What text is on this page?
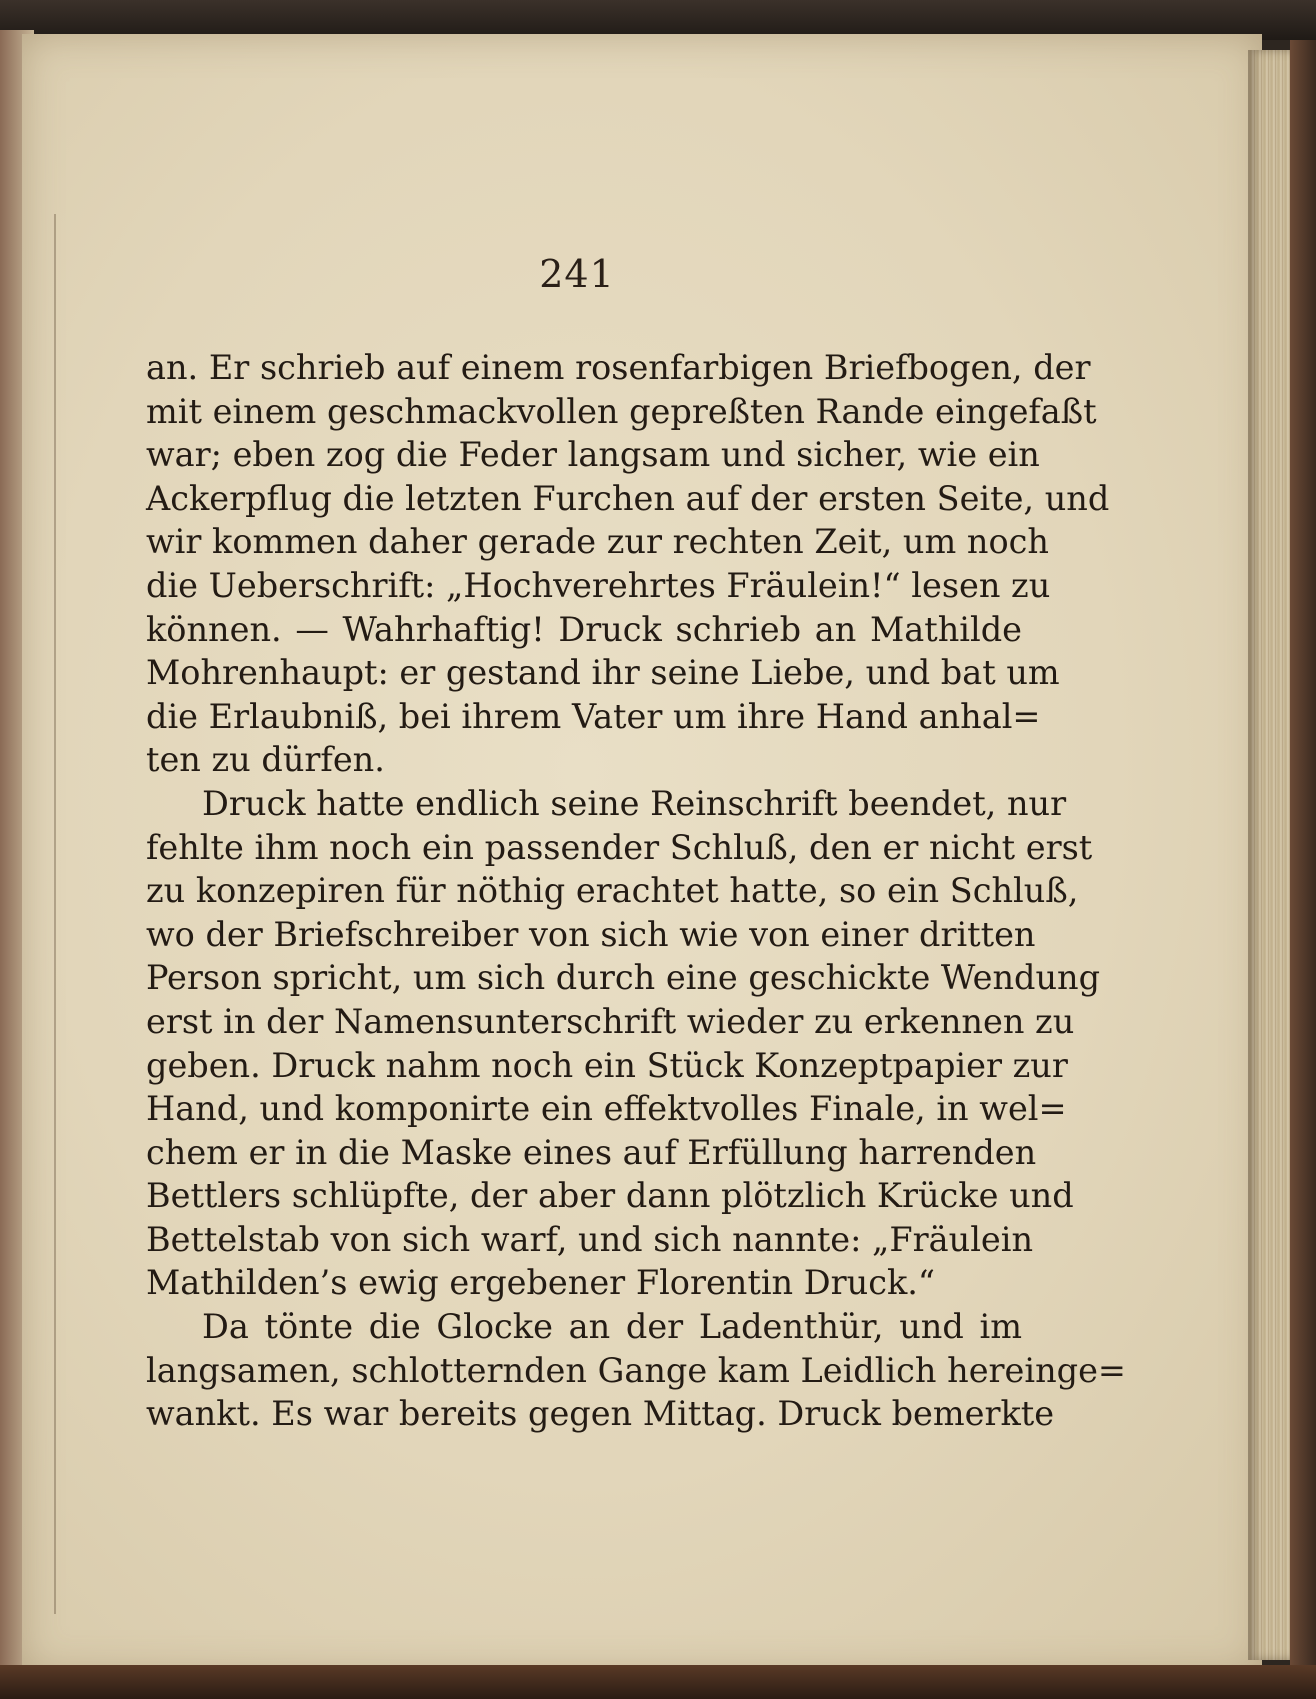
241
an. Er schrieb auf einem rosenfarbigen Briefbogen, der
mit einem geschmackvollen gepreßten Rande eingefaßt
war; eben zog die Feder langsam und sicher, wie ein
Ackerpflug die letzten Furchen auf der ersten Seite, und
wir kommen daher gerade zur rechten Zeit, um noch
die Ueberschrift: „Hochverehrtes Fräulein!“ lesen zu
können. — Wahrhaftig! Druck schrieb an Mathilde
Mohrenhaupt: er gestand ihr seine Liebe, und bat um
die Erlaubniß, bei ihrem Vater um ihre Hand anhal=
ten zu dürfen.
Druck hatte endlich seine Reinschrift beendet, nur
fehlte ihm noch ein passender Schluß, den er nicht erst
zu konzepiren für nöthig erachtet hatte, so ein Schluß,
wo der Briefschreiber von sich wie von einer dritten
Person spricht, um sich durch eine geschickte Wendung
erst in der Namensunterschrift wieder zu erkennen zu
geben. Druck nahm noch ein Stück Konzeptpapier zur
Hand, und komponirte ein effektvolles Finale, in wel=
chem er in die Maske eines auf Erfüllung harrenden
Bettlers schlüpfte, der aber dann plötzlich Krücke und
Bettelstab von sich warf, und sich nannte: „Fräulein
Mathilden’s ewig ergebener Florentin Druck.“
Da tönte die Glocke an der Ladenthür, und im
langsamen, schlotternden Gange kam Leidlich hereinge=
wankt. Es war bereits gegen Mittag. Druck bemerkte
